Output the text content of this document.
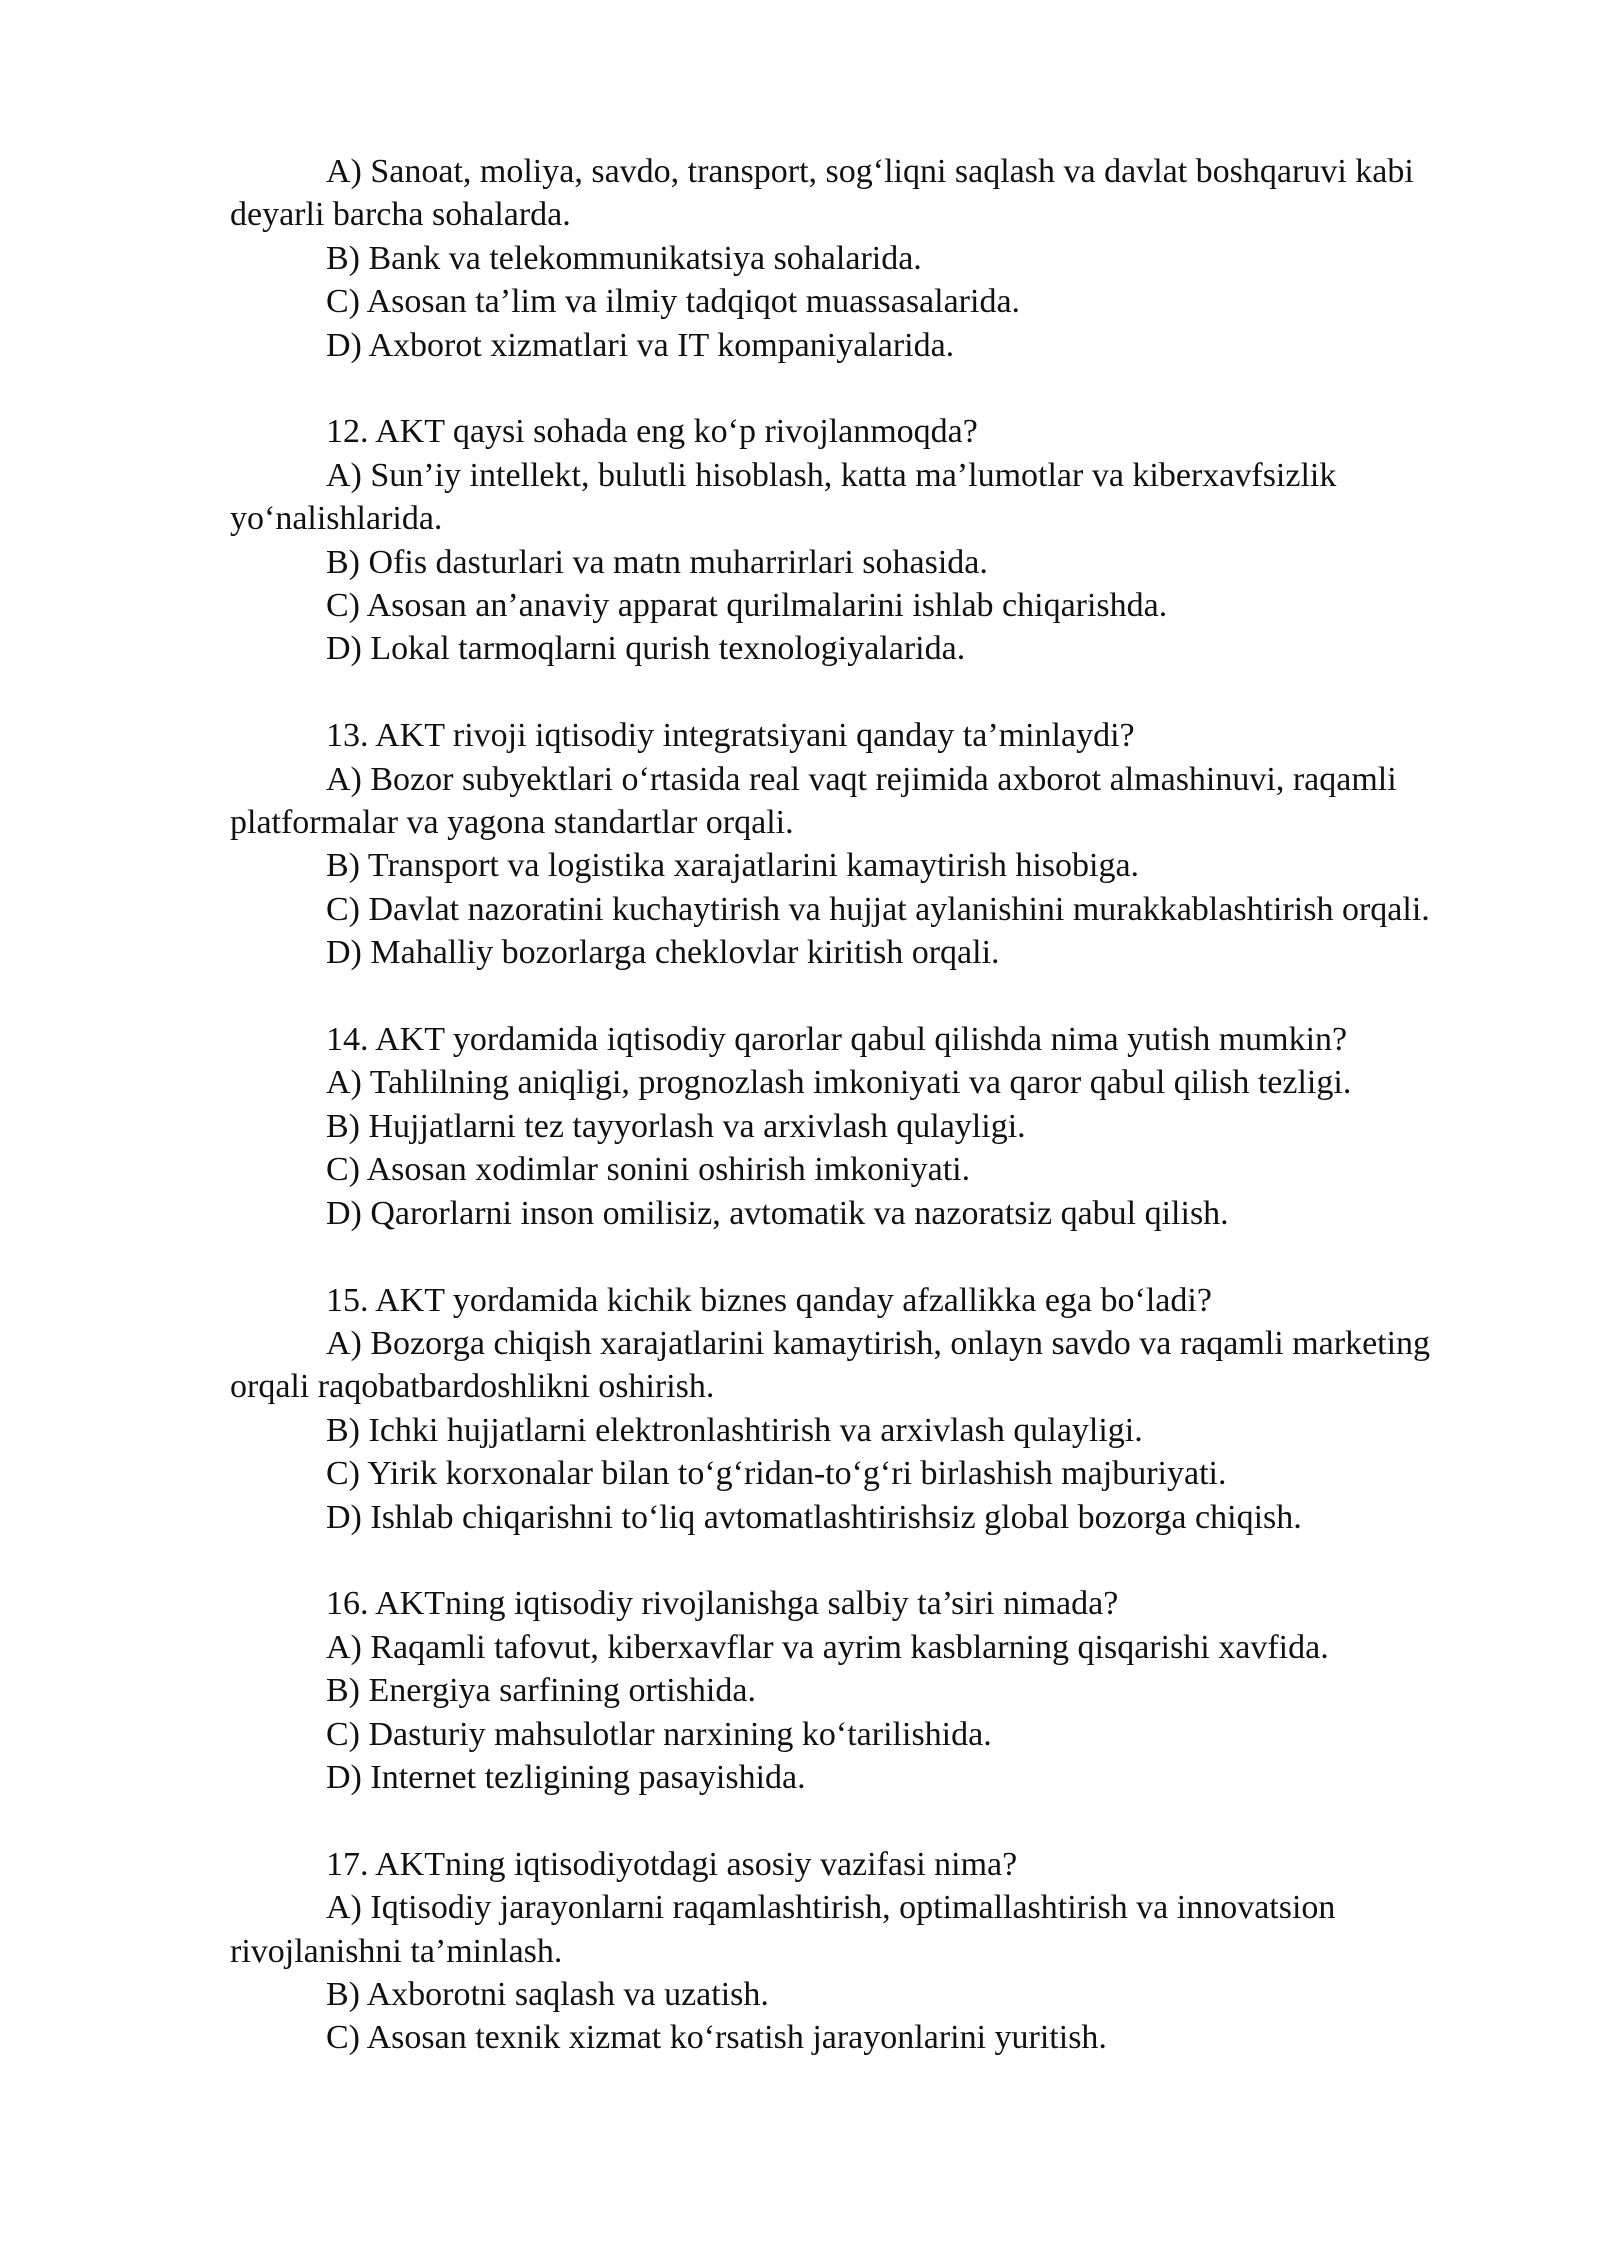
A) Sanoat, moliya, savdo, transport, sog‘liqni saqlash va davlat boshqaruvi kabi deyarli barcha sohalarda.

B) Bank va telekommunikatsiya sohalarida.

C) Asosan ta’lim va ilmiy tadqiqot muassasalarida.

D) Axborot xizmatlari va IT kompaniyalarida.

12. AKT qaysi sohada eng ko‘p rivojlanmoqda?

A) Sun’iy intellekt, bulutli hisoblash, katta ma’lumotlar va kiberxavfsizlik yo‘nalishlarida.

B) Ofis dasturlari va matn muharrirlari sohasida.

C) Asosan an’anaviy apparat qurilmalarini ishlab chiqarishda.

D) Lokal tarmoqlarni qurish texnologiyalarida.

13. AKT rivoji iqtisodiy integratsiyani qanday ta’minlaydi?

A) Bozor subyektlari o‘rtasida real vaqt rejimida axborot almashinuvi, raqamli platformalar va yagona standartlar orqali.

B) Transport va logistika xarajatlarini kamaytirish hisobiga.

C) Davlat nazoratini kuchaytirish va hujjat aylanishini murakkablashtirish orqali.

D) Mahalliy bozorlarga cheklovlar kiritish orqali.

14. AKT yordamida iqtisodiy qarorlar qabul qilishda nima yutish mumkin?

A) Tahlilning aniqligi, prognozlash imkoniyati va qaror qabul qilish tezligi.

B) Hujjatlarni tez tayyorlash va arxivlash qulayligi.

C) Asosan xodimlar sonini oshirish imkoniyati.

D) Qarorlarni inson omilisiz, avtomatik va nazoratsiz qabul qilish.

15. AKT yordamida kichik biznes qanday afzallikka ega bo‘ladi?

A) Bozorga chiqish xarajatlarini kamaytirish, onlayn savdo va raqamli marketing orqali raqobatbardoshlikni oshirish.

B) Ichki hujjatlarni elektronlashtirish va arxivlash qulayligi.

C) Yirik korxonalar bilan to‘g‘ridan-to‘g‘ri birlashish majburiyati.

D) Ishlab chiqarishni to‘liq avtomatlashtirishsiz global bozorga chiqish.

16. AKTning iqtisodiy rivojlanishga salbiy ta’siri nimada?

A) Raqamli tafovut, kiberxavflar va ayrim kasblarning qisqarishi xavfida.

B) Energiya sarfining ortishida.

C) Dasturiy mahsulotlar narxining ko‘tarilishida.

D) Internet tezligining pasayishida.

17. AKTning iqtisodiyotdagi asosiy vazifasi nima?

A) Iqtisodiy jarayonlarni raqamlashtirish, optimallashtirish va innovatsion rivojlanishni ta’minlash.

B) Axborotni saqlash va uzatish.

C) Asosan texnik xizmat ko‘rsatish jarayonlarini yuritish.
